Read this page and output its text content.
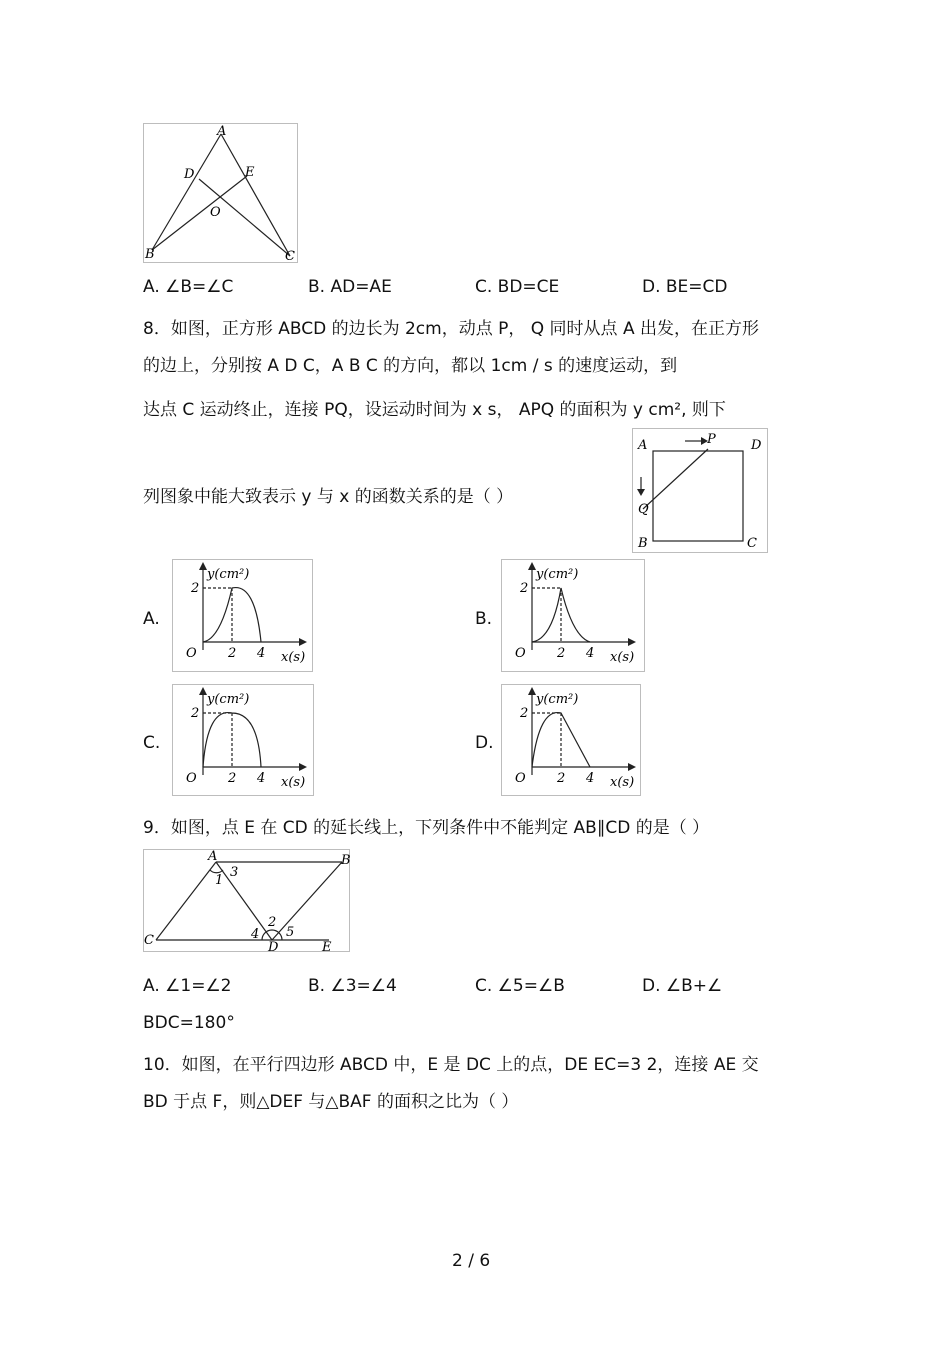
A
D	E
O
B	C
A. ∠B=∠C	B. AD=AE	C. BD=CE	D. BE=CD
8．如图，正方形 ABCD 的边长为 2cm，动点 P， Q 同时从点 A 出发，在正方形
的边上，分别按 A D C，A B C 的方向，都以 1cm / s 的速度运动，到
达点 C 运动终止，连接 PQ，设运动时间为 x s， APQ 的面积为 y cm², 则下
列图象中能大致表示 y 与 x 的函数关系的是（ ）
A	P	D
Q
B	C
A.	B.
C.	D.
y(cm²)
O
2
2 4 x(s)
y(cm²)
O
2
2 4 x(s)
y(cm²)
O
2
2 4 x(s)
y(cm²)
O
2
2 4 x(s)
9．如图，点 E 在 CD 的延长线上，下列条件中不能判定 AB∥CD 的是（ ）
A	B
C	D	E
1
3
2
4 5
A. ∠1=∠2	B. ∠3=∠4	C. ∠5=∠B	D. ∠B+∠
BDC=180°
10．如图，在平行四边形 ABCD 中，E 是 DC 上的点，DE EC=3 2，连接 AE 交
BD 于点 F，则△DEF 与△BAF 的面积之比为（ ）
2 / 6
